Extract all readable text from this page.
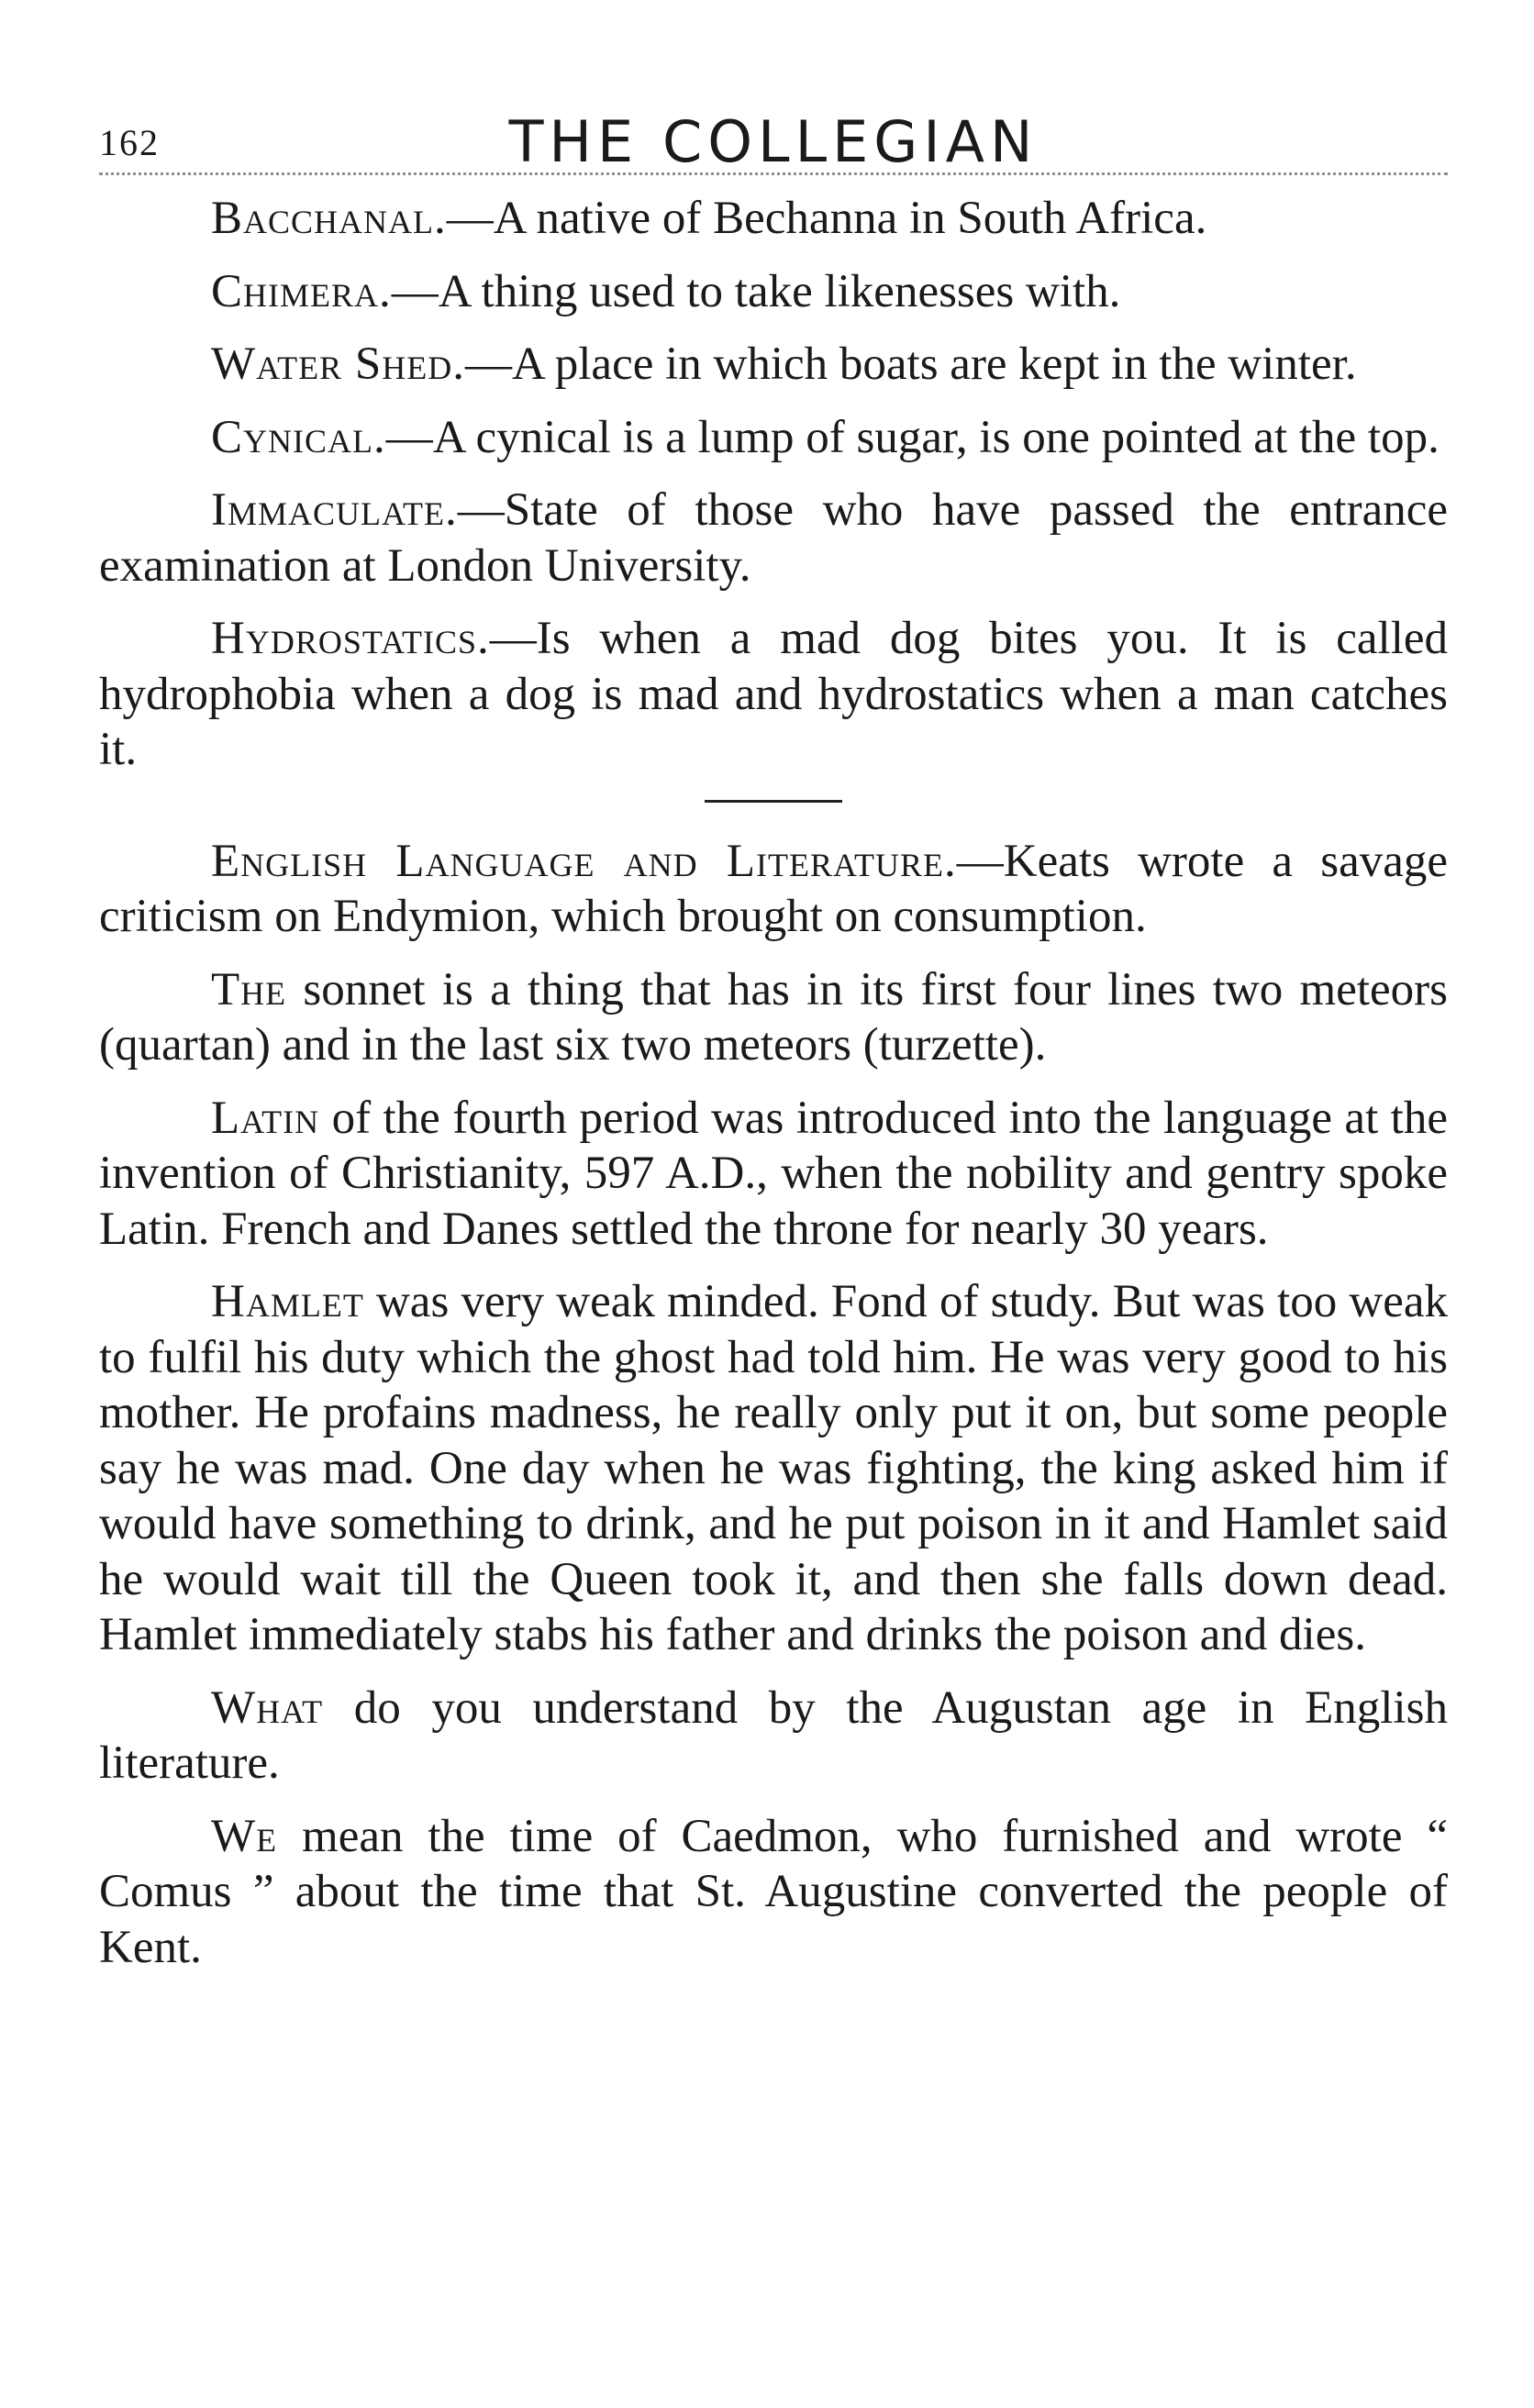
162	THE COLLEGIAN

Bacchanal.—A native of Bechanna in South Africa.

Chimera.—A thing used to take likenesses with.

Water Shed.—A place in which boats are kept in the winter.

Cynical.—A cynical is a lump of sugar, is one pointed at the top.

Immaculate.—State of those who have passed the entrance examination at London University.

Hydrostatics.—Is when a mad dog bites you. It is called hydrophobia when a dog is mad and hydrostatics when a man catches it.

English Language and Literature.—Keats wrote a savage criticism on Endymion, which brought on consumption.

The sonnet is a thing that has in its first four lines two meteors (quartan) and in the last six two meteors (turzette).

Latin of the fourth period was introduced into the language at the invention of Christianity, 597 A.D., when the nobility and gentry spoke Latin. French and Danes settled the throne for nearly 30 years.

Hamlet was very weak minded. Fond of study. But was too weak to fulfil his duty which the ghost had told him. He was very good to his mother. He profains madness, he really only put it on, but some people say he was mad. One day when he was fighting, the king asked him if would have something to drink, and he put poison in it and Hamlet said he would wait till the Queen took it, and then she falls down dead. Hamlet immediately stabs his father and drinks the poison and dies.

What do you understand by the Augustan age in English literature.

We mean the time of Caedmon, who furnished and wrote “ Comus ” about the time that St. Augustine converted the people of Kent.
